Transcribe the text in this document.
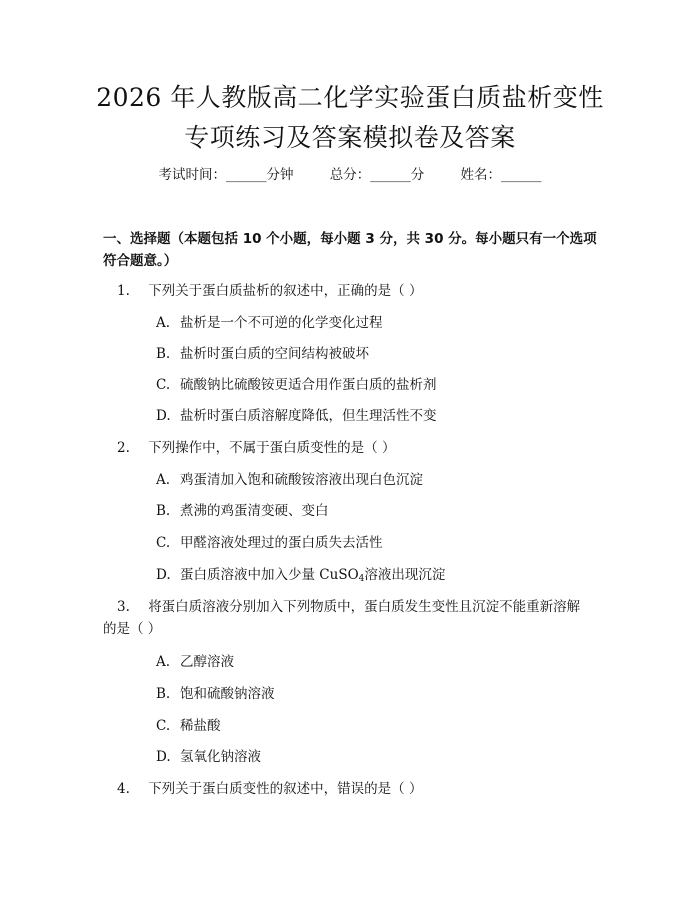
2026 年人教版高二化学实验蛋白质盐析变性
专项练习及答案模拟卷及答案
考试时间：______分钟	总分：______分	姓名：______
一、选择题（本题包括 10 个小题，每小题 3 分，共 30 分。每小题只有一个选项符合题意。）
1. 下列关于蛋白质盐析的叙述中，正确的是（ ）
A. 盐析是一个不可逆的化学变化过程
B. 盐析时蛋白质的空间结构被破坏
C. 硫酸钠比硫酸铵更适合用作蛋白质的盐析剂
D. 盐析时蛋白质溶解度降低，但生理活性不变
2. 下列操作中，不属于蛋白质变性的是（ ）
A. 鸡蛋清加入饱和硫酸铵溶液出现白色沉淀
B. 煮沸的鸡蛋清变硬、变白
C. 甲醛溶液处理过的蛋白质失去活性
D. 蛋白质溶液中加入少量 CuSO$_4$溶液出现沉淀
3. 将蛋白质溶液分别加入下列物质中，蛋白质发生变性且沉淀不能重新溶解
的是（ ）
A. 乙醇溶液
B. 饱和硫酸钠溶液
C. 稀盐酸
D. 氢氧化钠溶液
4. 下列关于蛋白质变性的叙述中，错误的是（ ）
